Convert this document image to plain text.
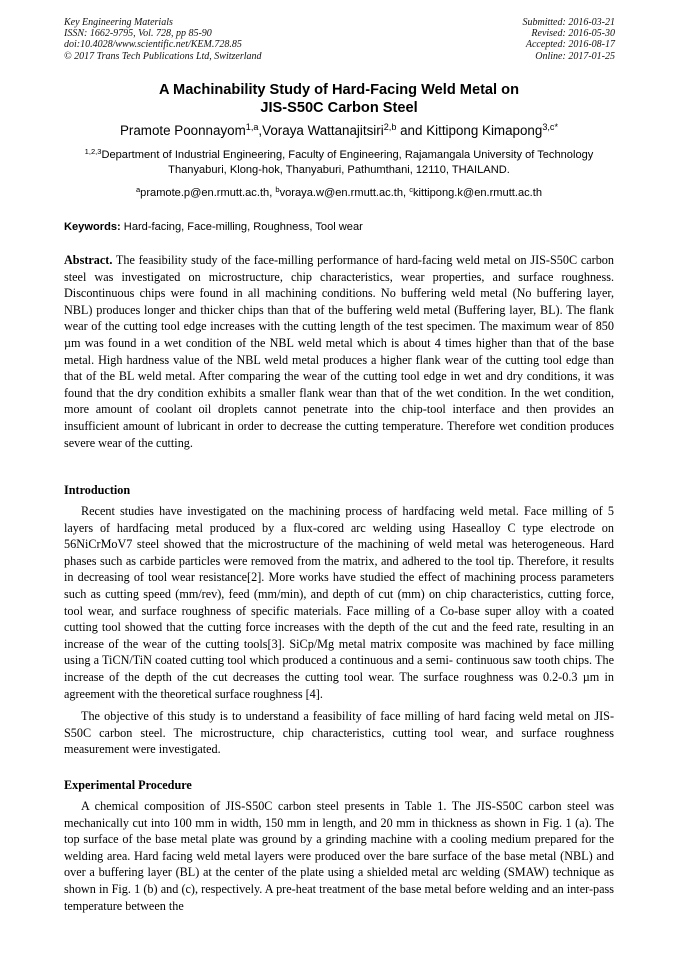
Key Engineering Materials
ISSN: 1662-9795, Vol. 728, pp 85-90
doi:10.4028/www.scientific.net/KEM.728.85
© 2017 Trans Tech Publications Ltd, Switzerland
Submitted: 2016-03-21
Revised: 2016-05-30
Accepted: 2016-08-17
Online: 2017-01-25
A Machinability Study of Hard-Facing Weld Metal on
JIS-S50C Carbon Steel
Pramote Poonnayom$^{1,a}$,Voraya Wattanajitsiri$^{2,b}$ and Kittipong Kimapong$^{3,c*}$
$^{1,2,3}$Department of Industrial Engineering, Faculty of Engineering, Rajamangala University of Technology Thanyaburi, Klong-hok, Thanyaburi, Pathumthani, 12110, THAILAND.
$^a$pramote.p@en.rmutt.ac.th, $^b$voraya.w@en.rmutt.ac.th, $^c$kittipong.k@en.rmutt.ac.th
Keywords: Hard-facing, Face-milling, Roughness, Tool wear

Abstract. The feasibility study of the face-milling performance of hard-facing weld metal on JIS-S50C carbon steel was investigated on microstructure, chip characteristics, wear properties, and surface roughness. Discontinuous chips were found in all machining conditions. No buffering weld metal (No buffering layer, NBL) produces longer and thicker chips than that of the buffering weld metal (Buffering layer, BL). The flank wear of the cutting tool edge increases with the cutting length of the test specimen. The maximum wear of 850 µm was found in a wet condition of the NBL weld metal which is about 4 times higher than that of the base metal. High hardness value of the NBL weld metal produces a higher flank wear of the cutting tool edge than that of the BL weld metal. After comparing the wear of the cutting tool edge in wet and dry conditions, it was found that the dry condition exhibits a smaller flank wear than that of the wet condition. In the wet condition, more amount of coolant oil droplets cannot penetrate into the chip-tool interface and then provides an insufficient amount of lubricant in order to decrease the cutting temperature. Therefore wet condition produces severe wear of the cutting.

Introduction

Recent studies have investigated on the machining process of hardfacing weld metal. Face milling of 5 layers of hardfacing metal produced by a flux-cored arc welding using Hasealloy C type electrode on 56NiCrMoV7 steel showed that the microstructure of the machining of weld metal was heterogeneous. Hard phases such as carbide particles were removed from the matrix, and adhered to the tool tip. Therefore, it results in decreasing of tool wear resistance[2]. More works have studied the effect of machining process parameters such as cutting speed (mm/rev), feed (mm/min), and depth of cut (mm) on chip characteristics, cutting force, tool wear, and surface roughness of specific materials. Face milling of a Co-base super alloy with a coated cutting tool showed that the cutting force increases with the depth of the cut and the feed rate, resulting in an increase of the wear of the cutting tools[3]. SiCp/Mg metal matrix composite was machined by face milling using a TiCN/TiN coated cutting tool which produced a continuous and a semi- continuous saw tooth chips. The increase of the depth of the cut decreases the cutting tool wear. The surface roughness was 0.2-0.3 µm in agreement with the theoretical surface roughness [4].

The objective of this study is to understand a feasibility of face milling of hard facing weld metal on JIS-S50C carbon steel. The microstructure, chip characteristics, cutting tool wear, and surface roughness measurement were investigated.

Experimental Procedure

A chemical composition of JIS-S50C carbon steel presents in Table 1. The JIS-S50C carbon steel was mechanically cut into 100 mm in width, 150 mm in length, and 20 mm in thickness as shown in Fig. 1 (a). The top surface of the base metal plate was ground by a grinding machine with a cooling medium prepared for the welding area. Hard facing weld metal layers were produced over the bare surface of the base metal (NBL) and over a buffering layer (BL) at the center of the plate using a shielded metal arc welding (SMAW) technique as shown in Fig. 1 (b) and (c), respectively. A pre-heat treatment of the base metal before welding and an inter-pass temperature between the
